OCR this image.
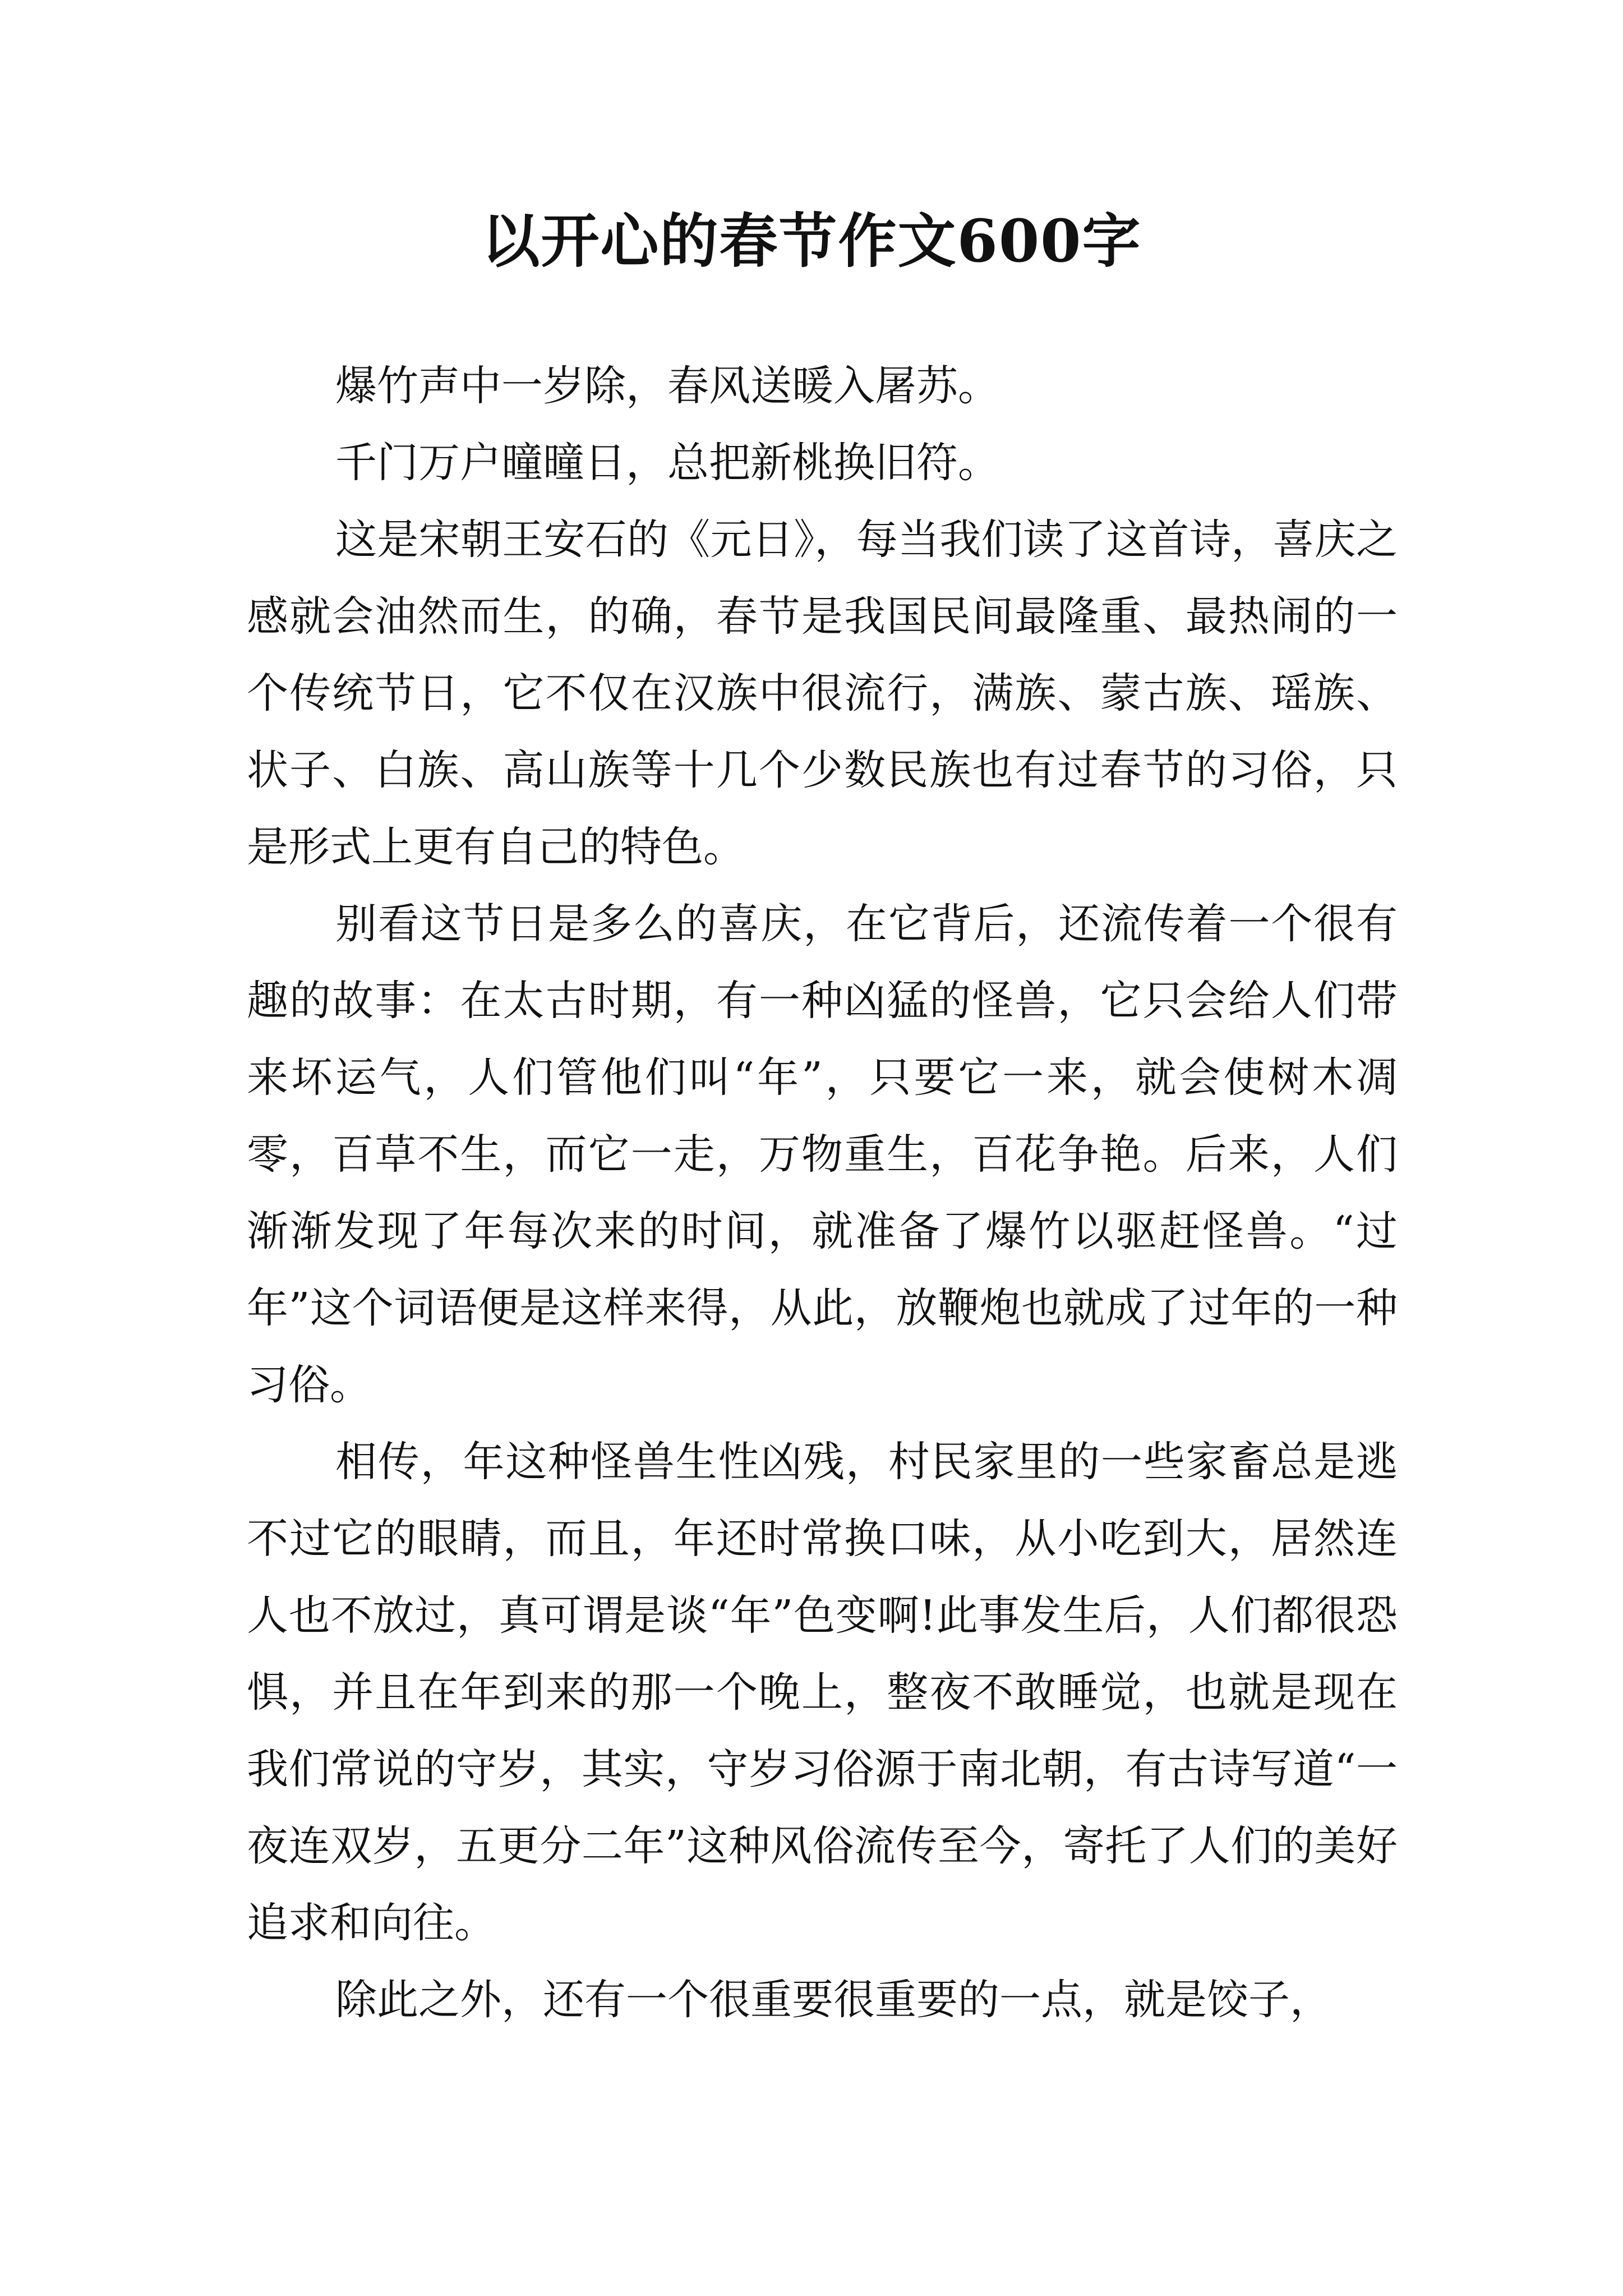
以开心的春节作文600字

爆竹声中一岁除，春风送暖入屠苏。

千门万户曈曈日，总把新桃换旧符。

这是宋朝王安石的《元日》，每当我们读了这首诗，喜庆之感就会油然而生，的确，春节是我国民间最隆重、最热闹的一个传统节日，它不仅在汉族中很流行，满族、蒙古族、瑶族、状子、白族、高山族等十几个少数民族也有过春节的习俗，只是形式上更有自己的特色。

别看这节日是多么的喜庆，在它背后，还流传着一个很有趣的故事：在太古时期，有一种凶猛的怪兽，它只会给人们带来坏运气，人们管他们叫“年”，只要它一来，就会使树木凋零，百草不生，而它一走，万物重生，百花争艳。后来，人们渐渐发现了年每次来的时间，就准备了爆竹以驱赶怪兽。“过年”这个词语便是这样来得，从此，放鞭炮也就成了过年的一种习俗。

相传，年这种怪兽生性凶残，村民家里的一些家畜总是逃不过它的眼睛，而且，年还时常换口味，从小吃到大，居然连人也不放过，真可谓是谈“年”色变啊!此事发生后，人们都很恐惧，并且在年到来的那一个晚上，整夜不敢睡觉，也就是现在我们常说的守岁，其实，守岁习俗源于南北朝，有古诗写道“一夜连双岁，五更分二年”这种风俗流传至今，寄托了人们的美好追求和向往。

除此之外，还有一个很重要很重要的一点，就是饺子，
